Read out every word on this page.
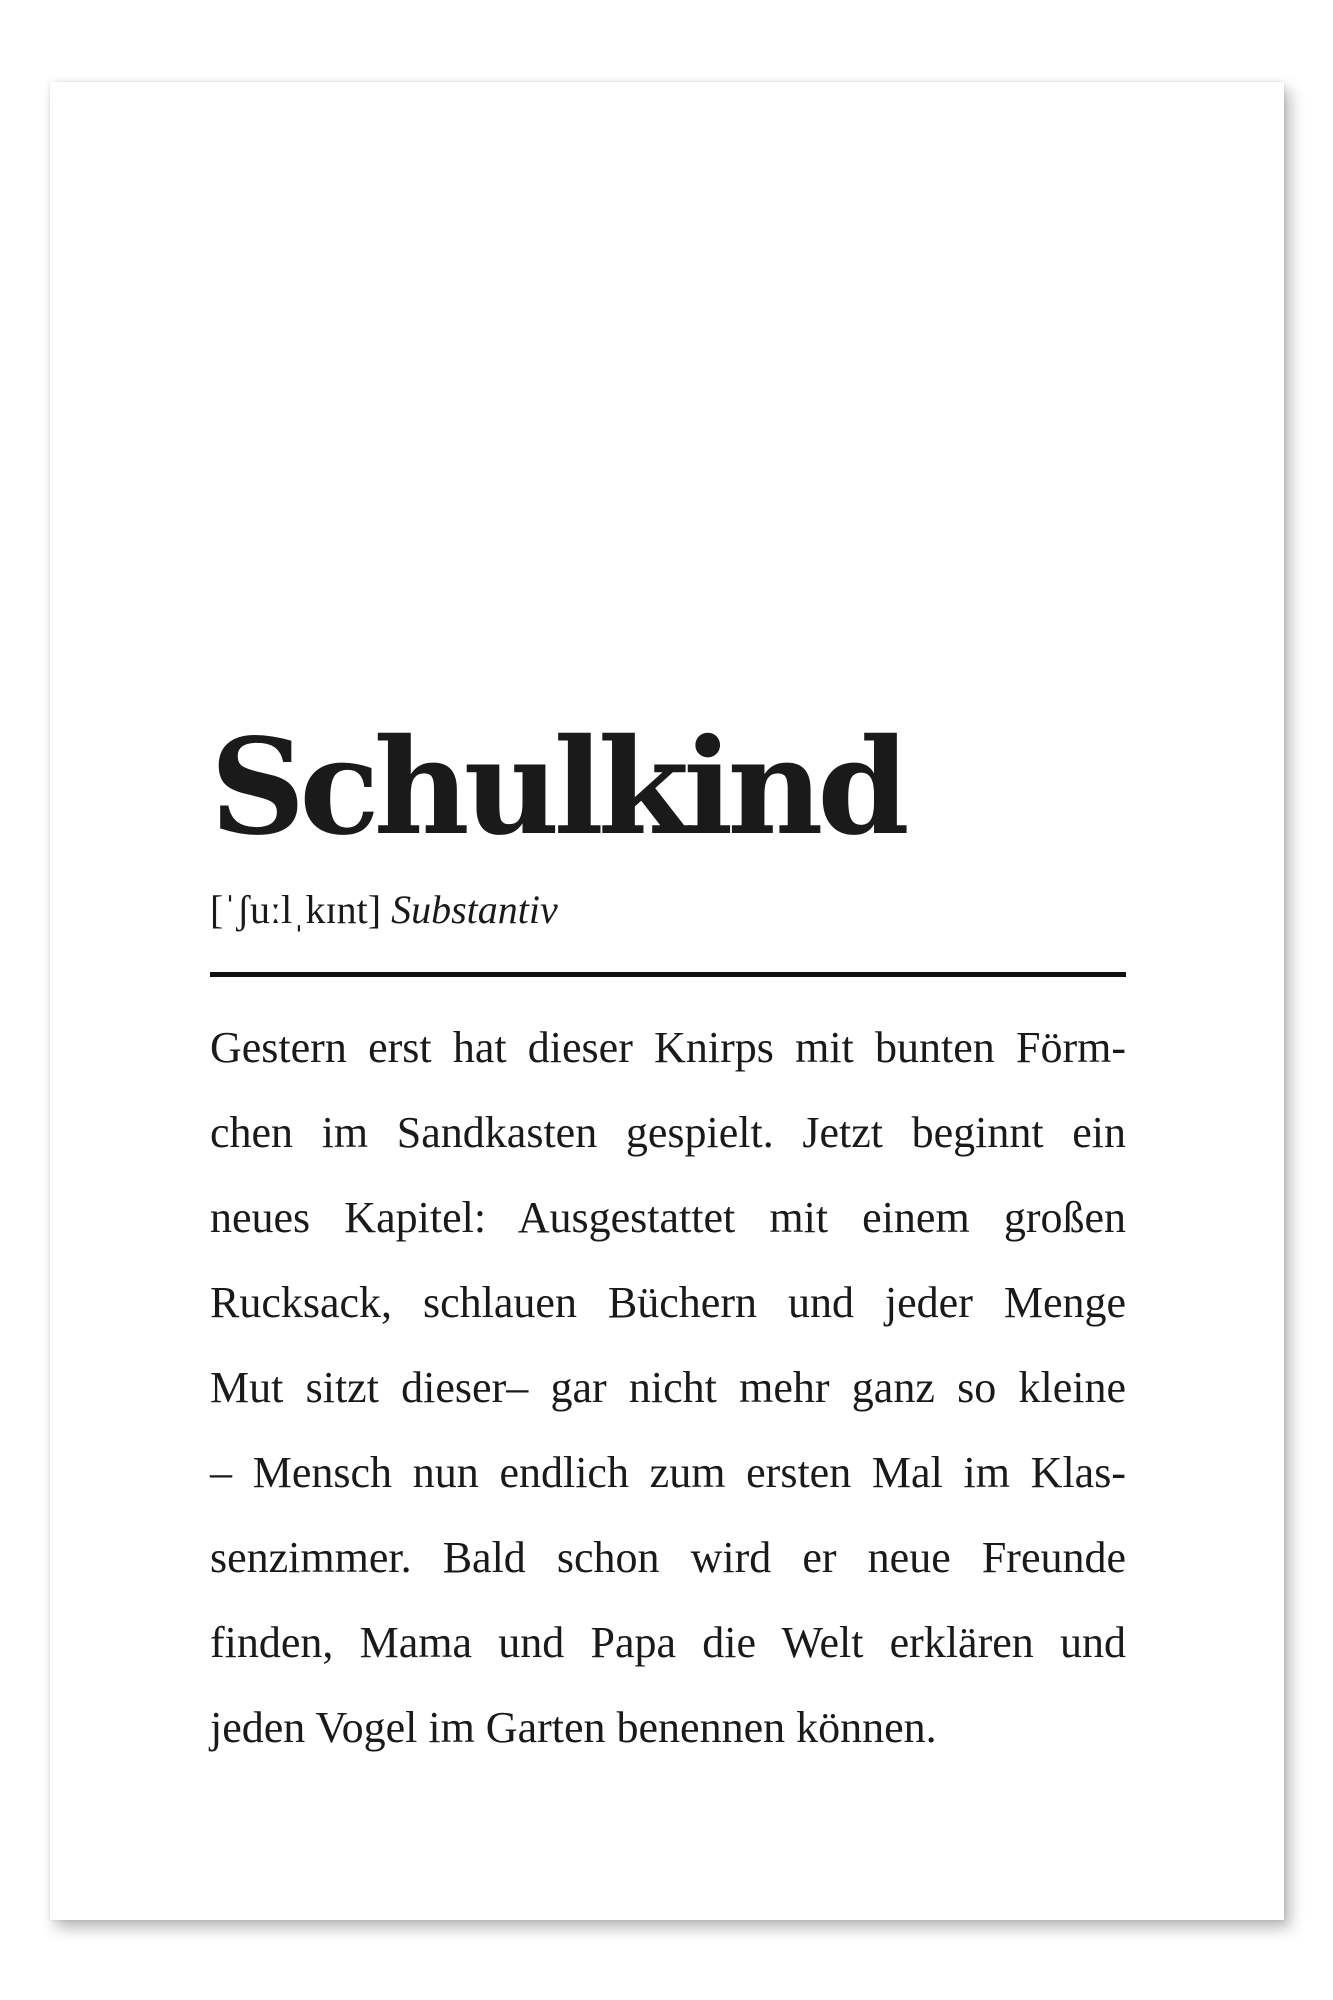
Schulkind
[ˈʃuːlˌkɪnt] Substantiv
Gestern erst hat dieser Knirps mit bunten Förm-
chen im Sandkasten gespielt. Jetzt beginnt ein
neues Kapitel: Ausgestattet mit einem großen
Rucksack, schlauen Büchern und jeder Menge
Mut sitzt dieser– gar nicht mehr ganz so kleine
– Mensch nun endlich zum ersten Mal im Klas-
senzimmer. Bald schon wird er neue Freunde
finden, Mama und Papa die Welt erklären und
jeden Vogel im Garten benennen können.
